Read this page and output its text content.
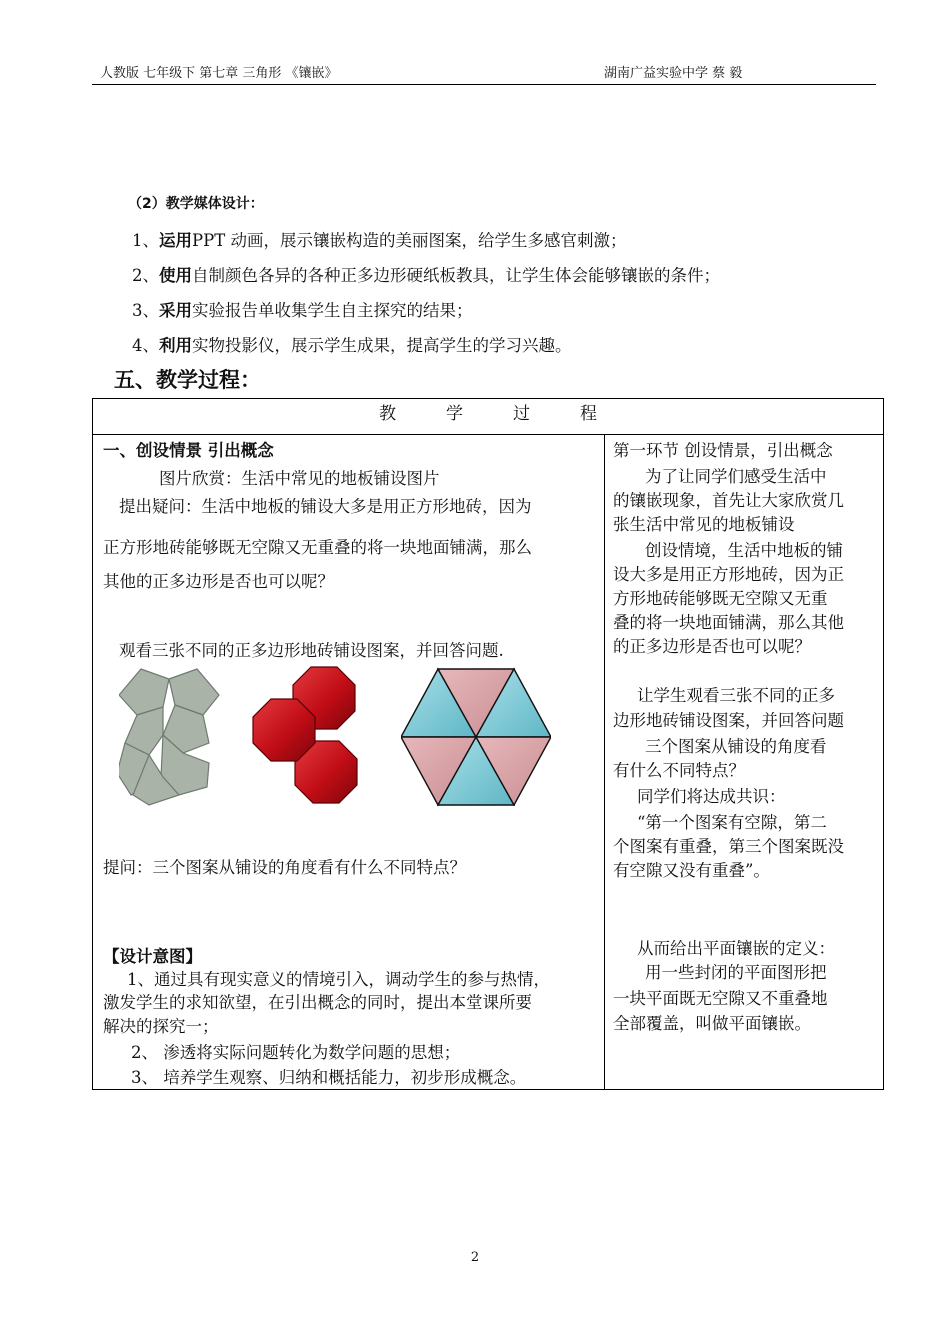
人教版 七年级下 第七章 三角形 《镶嵌》	湖南广益实验中学 蔡 毅
（2）教学媒体设计：
1、运用PPT 动画，展示镶嵌构造的美丽图案，给学生多感官刺激；
2、使用自制颜色各异的各种正多边形硬纸板教具，让学生体会能够镶嵌的条件；
3、采用实验报告单收集学生自主探究的结果；
4、利用实物投影仪，展示学生成果，提高学生的学习兴趣。
五、教学过程：
教学过程
一、创设情景 引出概念
图片欣赏：生活中常见的地板铺设图片
提出疑问：生活中地板的铺设大多是用正方形地砖，因为
正方形地砖能够既无空隙又无重叠的将一块地面铺满，那么
其他的正多边形是否也可以呢？
观看三张不同的正多边形地砖铺设图案，并回答问题.
提问：三个图案从铺设的角度看有什么不同特点？
【设计意图】
1、通过具有现实意义的情境引入，调动学生的参与热情，
激发学生的求知欲望，在引出概念的同时，提出本堂课所要
解决的探究一；
2、 渗透将实际问题转化为数学问题的思想；
3、 培养学生观察、归纳和概括能力，初步形成概念。
第一环节 创设情景，引出概念
为了让同学们感受生活中
的镶嵌现象，首先让大家欣赏几
张生活中常见的地板铺设
创设情境，生活中地板的铺
设大多是用正方形地砖，因为正
方形地砖能够既无空隙又无重
叠的将一块地面铺满，那么其他
的正多边形是否也可以呢？
让学生观看三张不同的正多
边形地砖铺设图案，并回答问题
三个图案从铺设的角度看
有什么不同特点？
同学们将达成共识：
“第一个图案有空隙，第二
个图案有重叠，第三个图案既没
有空隙又没有重叠”。
从而给出平面镶嵌的定义：
用一些封闭的平面图形把
一块平面既无空隙又不重叠地
全部覆盖，叫做平面镶嵌。
2
